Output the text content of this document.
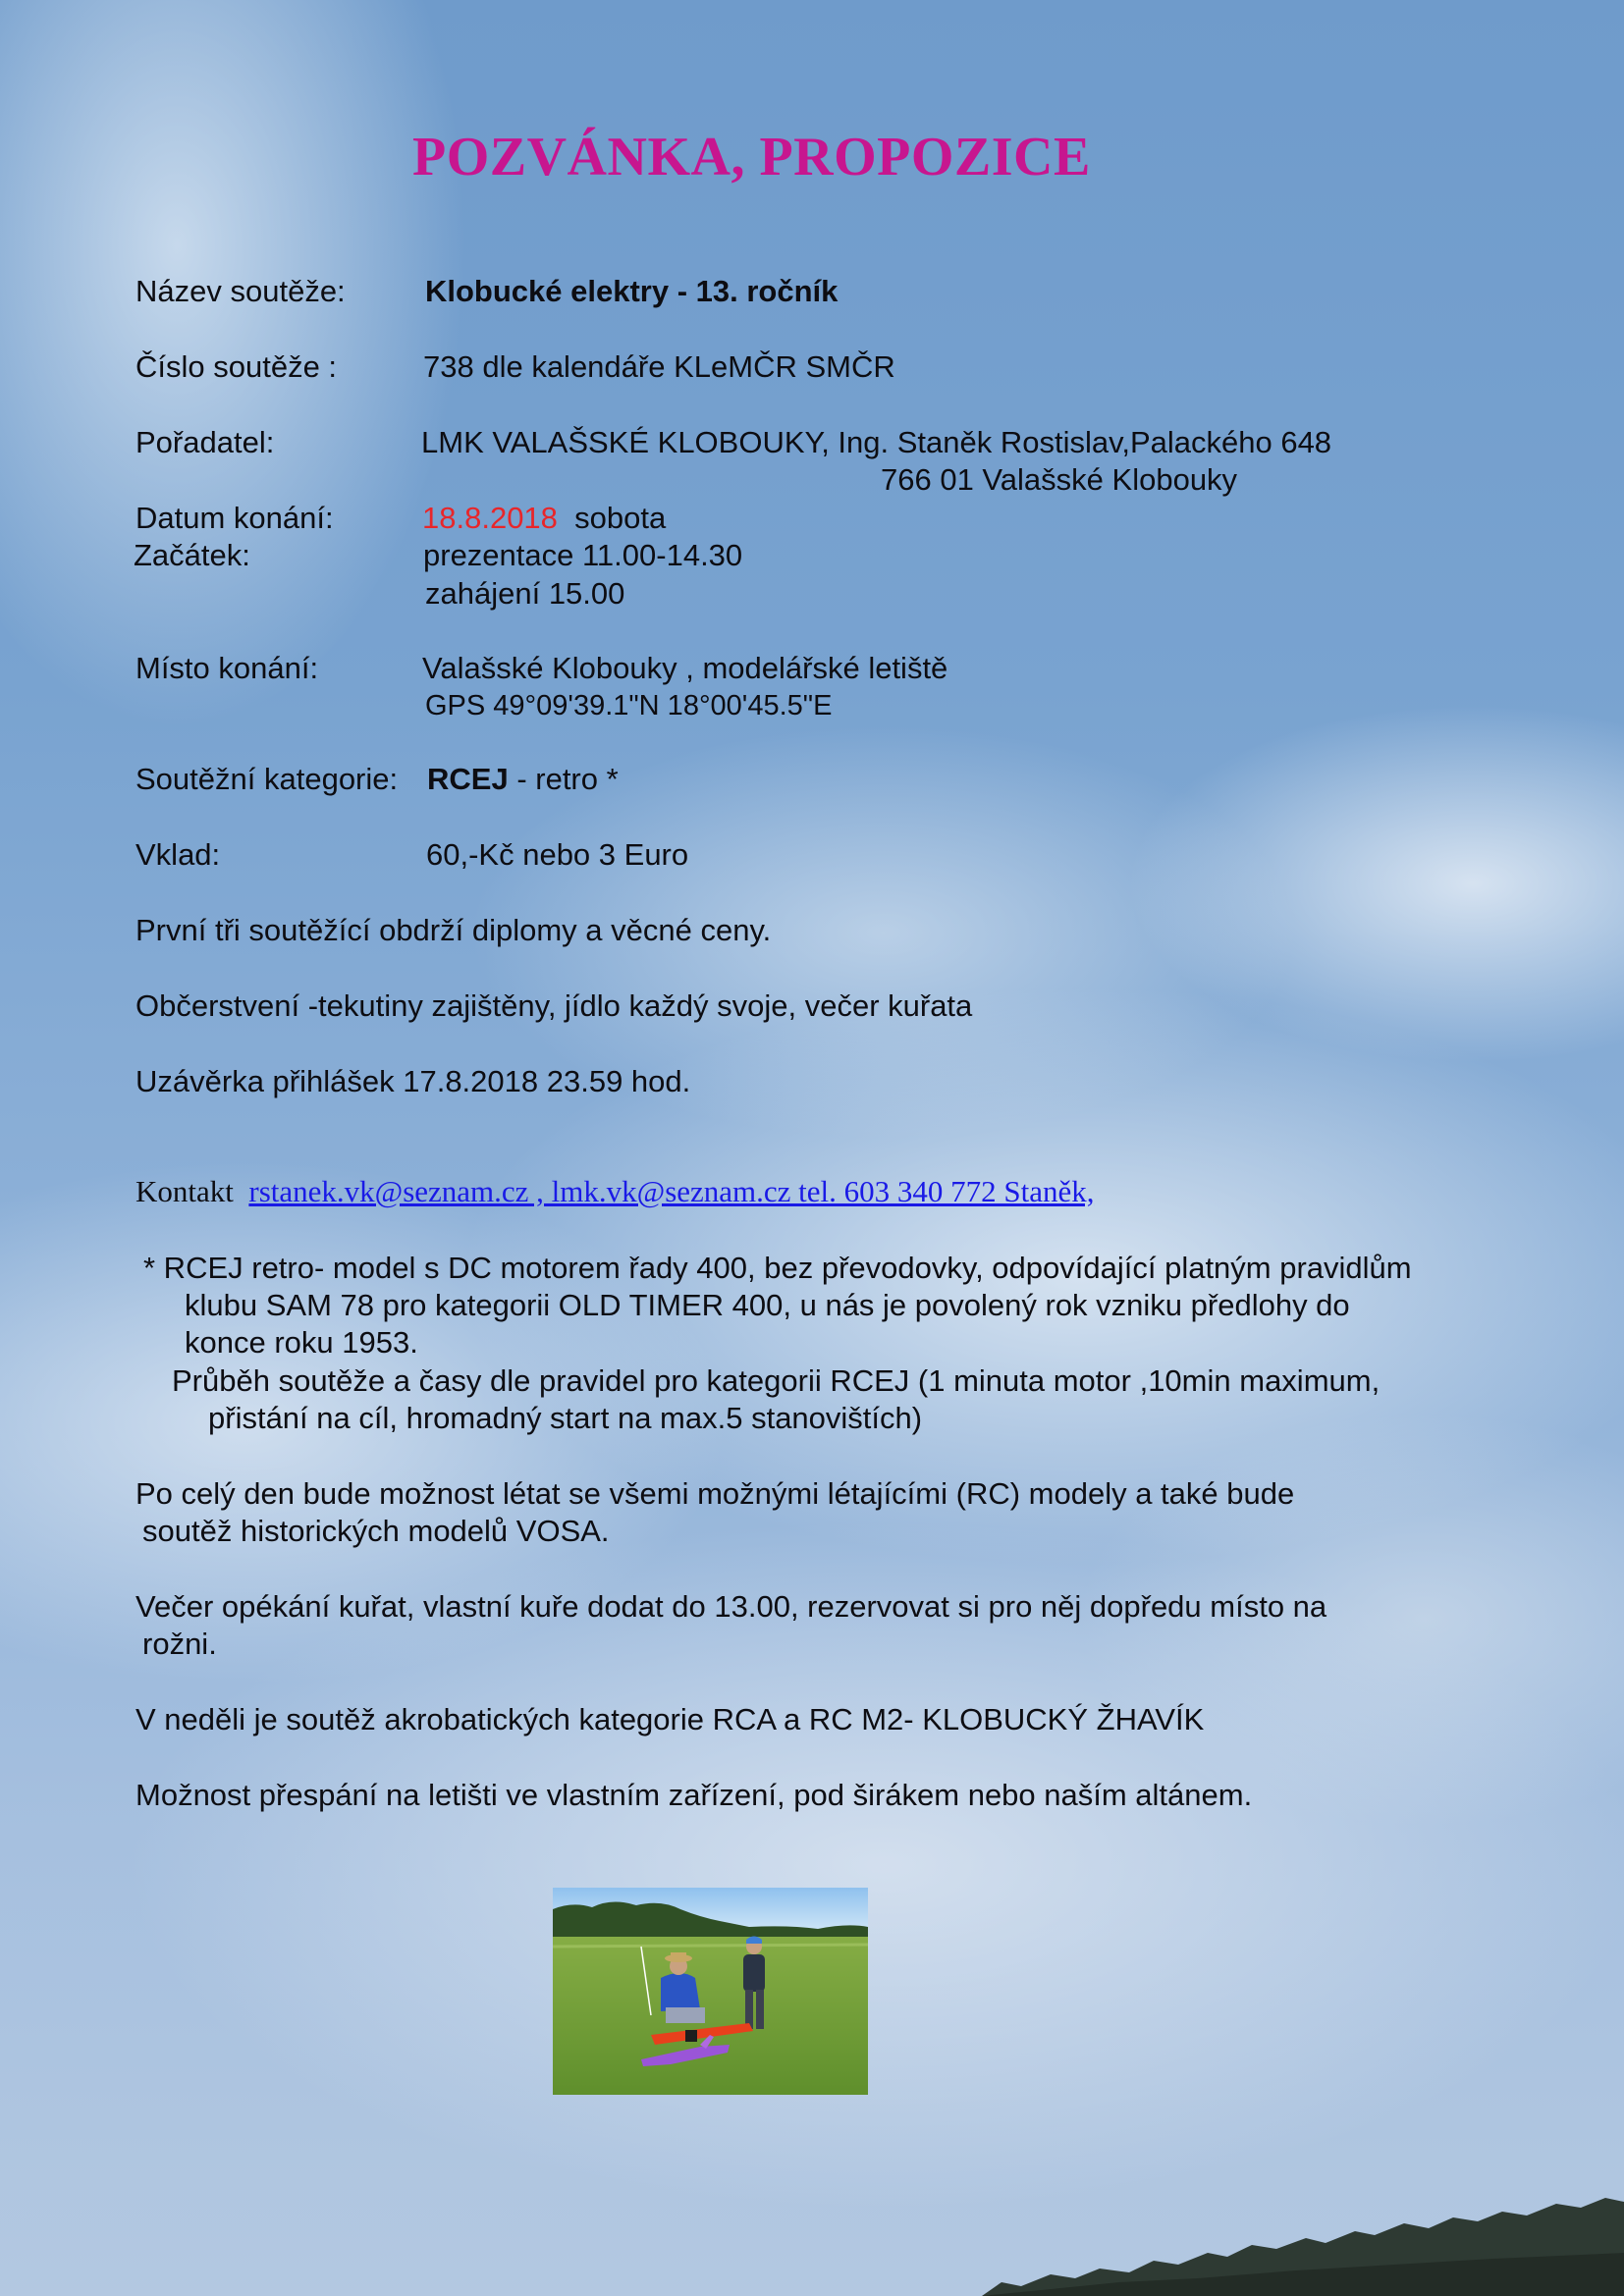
POZVÁNKA, PROPOZICE
Název soutěže:	Klobucké elektry - 13. ročník
Číslo soutěže :	738 dle kalendáře KLeMČR SMČR
Pořadatel:	LMK VALAŠSKÉ KLOBOUKY, Ing. Staněk Rostislav,Palackého 648
766 01 Valašské Klobouky
Datum konání:	18.8.2018 sobota
Začátek:	prezentace 11.00-14.30
zahájení 15.00
Místo konání:	Valašské Klobouky , modelářské letiště
GPS 49°09'39.1"N 18°00'45.5"E
Soutěžní kategorie: RCEJ - retro *
Vklad:	60,-Kč nebo 3 Euro
První tři soutěžící obdrží diplomy a věcné ceny.
Občerstvení -tekutiny zajištěny, jídlo každý svoje, večer kuřata
Uzávěrka přihlášek 17.8.2018 23.59 hod.
Kontakt rstanek.vk@seznam.cz , lmk.vk@seznam.cz tel. 603 340 772 Staněk,
* RCEJ retro- model s DC motorem řady 400, bez převodovky, odpovídající platným pravidlům
klubu SAM 78 pro kategorii OLD TIMER 400, u nás je povolený rok vzniku předlohy do
konce roku 1953.
Průběh soutěže a časy dle pravidel pro kategorii RCEJ (1 minuta motor ,10min maximum,
přistání na cíl, hromadný start na max.5 stanovištích)
Po celý den bude možnost létat se všemi možnými létajícími (RC) modely a také bude
soutěž historických modelů VOSA.
Večer opékání kuřat, vlastní kuře dodat do 13.00, rezervovat si pro něj dopředu místo na
rožni.
V neděli je soutěž akrobatických kategorie RCA a RC M2- KLOBUCKÝ ŽHAVÍK
Možnost přespání na letišti ve vlastním zařízení, pod širákem nebo naším altánem.
